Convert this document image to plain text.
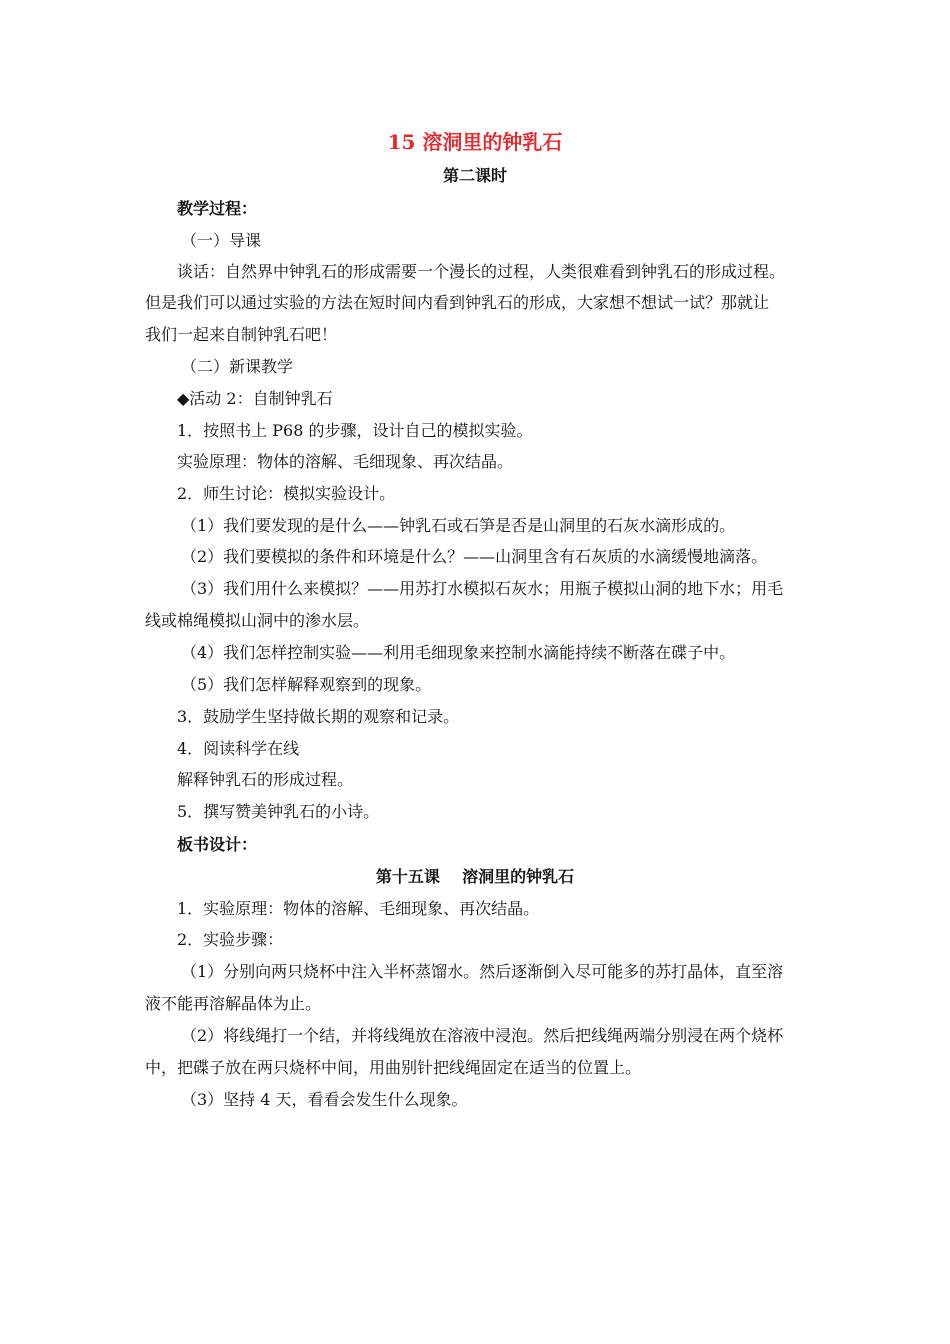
15 溶洞里的钟乳石
第二课时
教学过程：
（一）导课
谈话：自然界中钟乳石的形成需要一个漫长的过程，人类很难看到钟乳石的形成过程。
但是我们可以通过实验的方法在短时间内看到钟乳石的形成，大家想不想试一试？那就让
我们一起来自制钟乳石吧！
（二）新课教学
◆活动 2：自制钟乳石
1．按照书上 P68 的步骤，设计自己的模拟实验。
实验原理：物体的溶解、毛细现象、再次结晶。
2．师生讨论：模拟实验设计。
（1）我们要发现的是什么——钟乳石或石笋是否是山洞里的石灰水滴形成的。
（2）我们要模拟的条件和环境是什么？——山洞里含有石灰质的水滴缓慢地滴落。
（3）我们用什么来模拟？——用苏打水模拟石灰水；用瓶子模拟山洞的地下水；用毛
线或棉绳模拟山洞中的渗水层。
（4）我们怎样控制实验——利用毛细现象来控制水滴能持续不断落在碟子中。
（5）我们怎样解释观察到的现象。
3．鼓励学生坚持做长期的观察和记录。
4．阅读科学在线
解释钟乳石的形成过程。
5．撰写赞美钟乳石的小诗。
板书设计：
第十五课    溶洞里的钟乳石
1．实验原理：物体的溶解、毛细现象、再次结晶。
2．实验步骤：
（1）分别向两只烧杯中注入半杯蒸馏水。然后逐渐倒入尽可能多的苏打晶体，直至溶
液不能再溶解晶体为止。
（2）将线绳打一个结，并将线绳放在溶液中浸泡。然后把线绳两端分别浸在两个烧杯
中，把碟子放在两只烧杯中间，用曲别针把线绳固定在适当的位置上。
（3）坚持 4 天，看看会发生什么现象。
